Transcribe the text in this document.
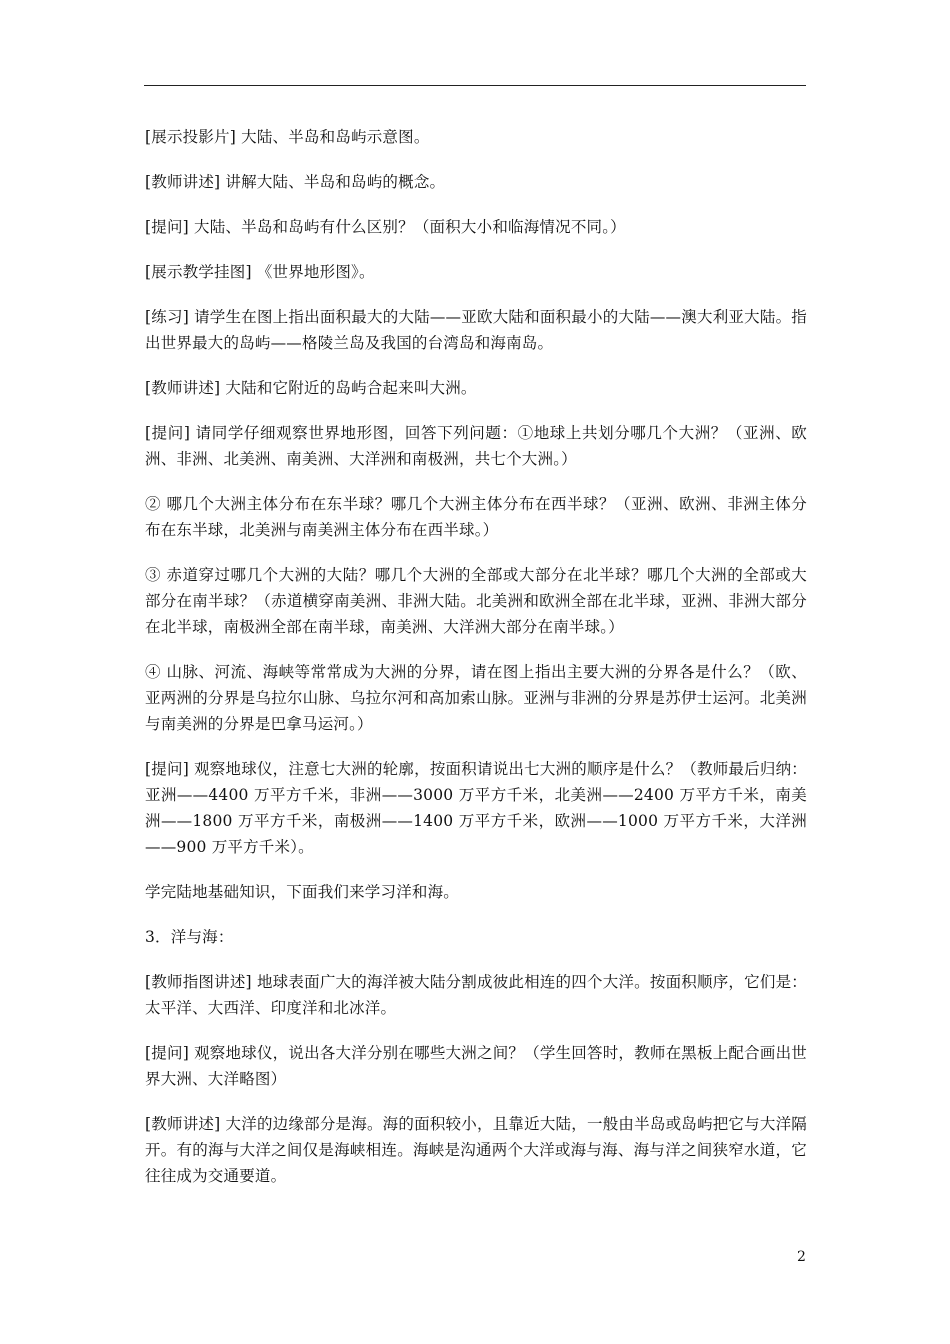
[展示投影片] 大陆、半岛和岛屿示意图。

[教师讲述] 讲解大陆、半岛和岛屿的概念。

[提问] 大陆、半岛和岛屿有什么区别？（面积大小和临海情况不同。）

[展示教学挂图] 《世界地形图》。

[练习] 请学生在图上指出面积最大的大陆——亚欧大陆和面积最小的大陆——澳大利亚大陆。指出世界最大的岛屿——格陵兰岛及我国的台湾岛和海南岛。

[教师讲述] 大陆和它附近的岛屿合起来叫大洲。

[提问] 请同学仔细观察世界地形图，回答下列问题：①地球上共划分哪几个大洲？（亚洲、欧洲、非洲、北美洲、南美洲、大洋洲和南极洲，共七个大洲。）

② 哪几个大洲主体分布在东半球？哪几个大洲主体分布在西半球？（亚洲、欧洲、非洲主体分布在东半球，北美洲与南美洲主体分布在西半球。）

③ 赤道穿过哪几个大洲的大陆？哪几个大洲的全部或大部分在北半球？哪几个大洲的全部或大部分在南半球？（赤道横穿南美洲、非洲大陆。北美洲和欧洲全部在北半球，亚洲、非洲大部分在北半球，南极洲全部在南半球，南美洲、大洋洲大部分在南半球。）

④ 山脉、河流、海峡等常常成为大洲的分界，请在图上指出主要大洲的分界各是什么？（欧、亚两洲的分界是乌拉尔山脉、乌拉尔河和高加索山脉。亚洲与非洲的分界是苏伊士运河。北美洲与南美洲的分界是巴拿马运河。）

[提问] 观察地球仪，注意七大洲的轮廓，按面积请说出七大洲的顺序是什么？（教师最后归纳：亚洲——4400 万平方千米，非洲——3000 万平方千米，北美洲——2400 万平方千米，南美洲——1800 万平方千米，南极洲——1400 万平方千米，欧洲——1000 万平方千米，大洋洲——900 万平方千米）。

学完陆地基础知识，下面我们来学习洋和海。

3．洋与海：

[教师指图讲述] 地球表面广大的海洋被大陆分割成彼此相连的四个大洋。按面积顺序，它们是：太平洋、大西洋、印度洋和北冰洋。

[提问] 观察地球仪，说出各大洋分别在哪些大洲之间？（学生回答时，教师在黑板上配合画出世界大洲、大洋略图）

[教师讲述] 大洋的边缘部分是海。海的面积较小，且靠近大陆，一般由半岛或岛屿把它与大洋隔开。有的海与大洋之间仅是海峡相连。海峡是沟通两个大洋或海与海、海与洋之间狭窄水道，它往往成为交通要道。

2
